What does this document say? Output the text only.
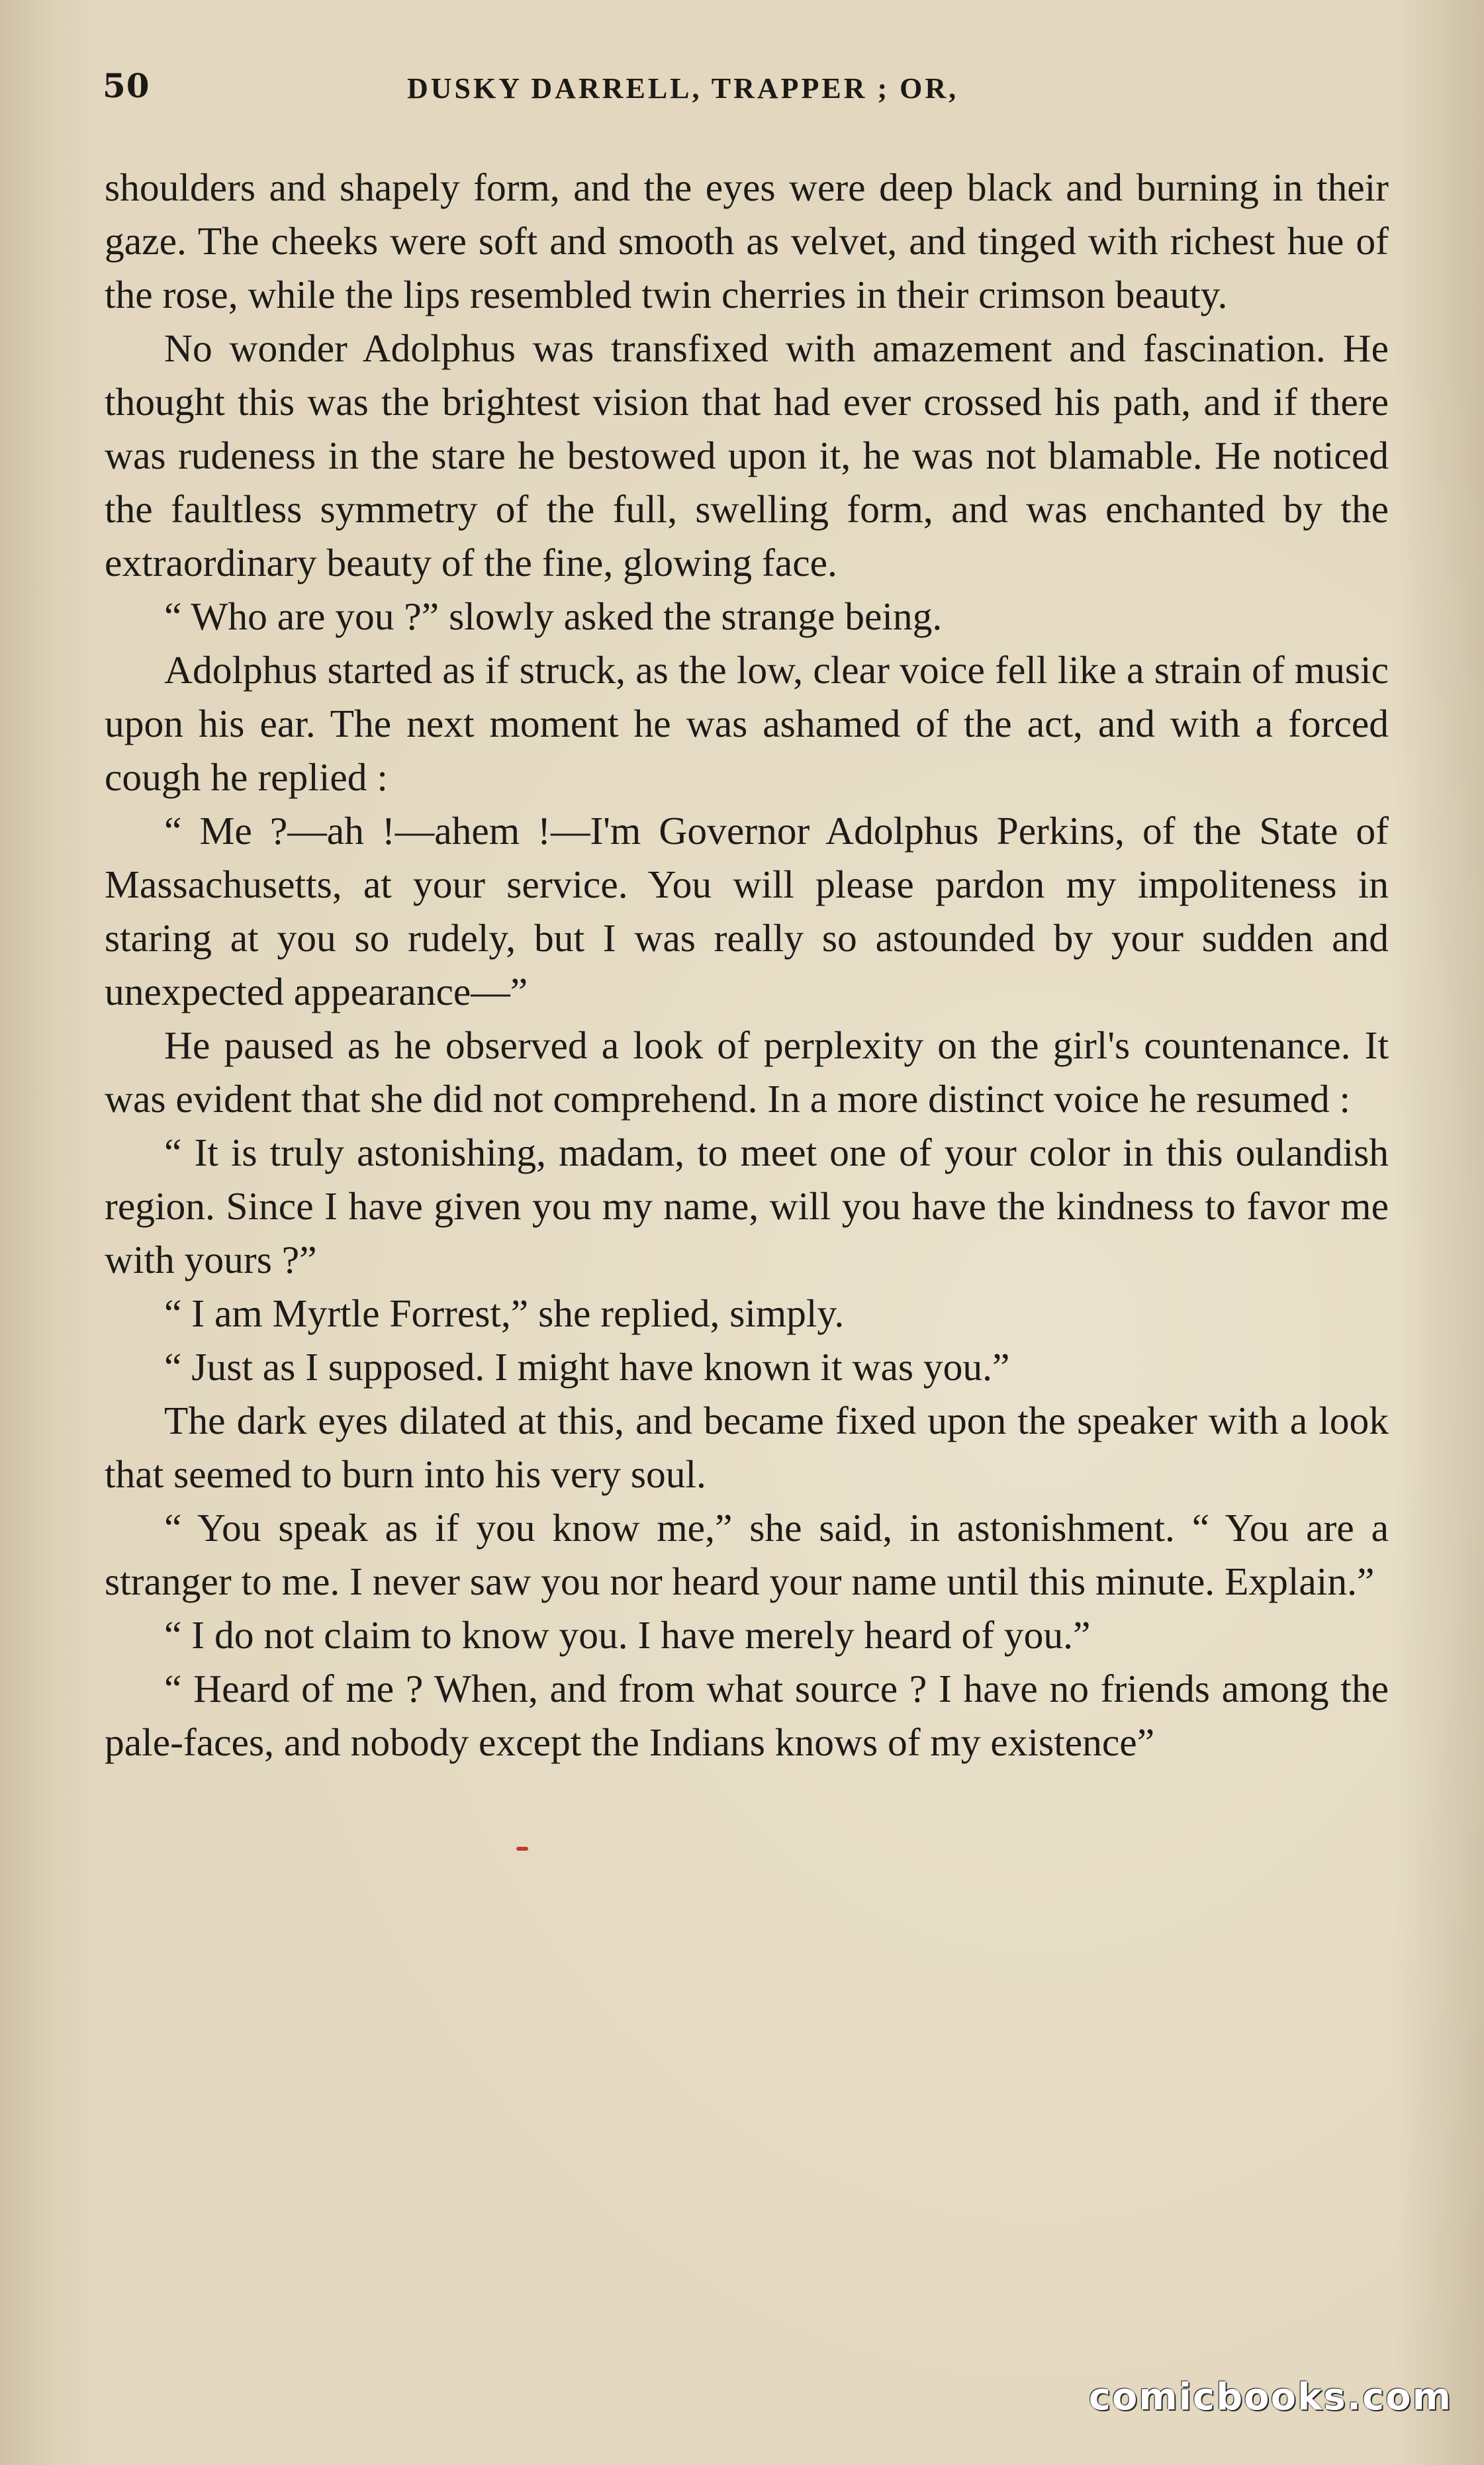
50	DUSKY DARRELL, TRAPPER ; OR,

shoulders and shapely form, and the eyes were deep black and burning in their gaze. The cheeks were soft and smooth as velvet, and tinged with richest hue of the rose, while the lips resembled twin cherries in their crimson beauty.

No wonder Adolphus was transfixed with amazement and fascination. He thought this was the brightest vision that had ever crossed his path, and if there was rudeness in the stare he bestowed upon it, he was not blamable. He noticed the faultless symmetry of the full, swelling form, and was enchanted by the extraordinary beauty of the fine, glowing face.

“ Who are you ?” slowly asked the strange being.

Adolphus started as if struck, as the low, clear voice fell like a strain of music upon his ear. The next moment he was ashamed of the act, and with a forced cough he replied :

“ Me ?—ah !—ahem !—I'm Governor Adolphus Perkins, of the State of Massachusetts, at your service. You will please pardon my impoliteness in staring at you so rudely, but I was really so astounded by your sudden and unexpected appearance—”

He paused as he observed a look of perplexity on the girl's countenance. It was evident that she did not comprehend. In a more distinct voice he resumed :

“ It is truly astonishing, madam, to meet one of your color in this oulandish region. Since I have given you my name, will you have the kindness to favor me with yours ?”

“ I am Myrtle Forrest,” she replied, simply.

“ Just as I supposed. I might have known it was you.”

The dark eyes dilated at this, and became fixed upon the speaker with a look that seemed to burn into his very soul.

“ You speak as if you know me,” she said, in astonishment. “ You are a stranger to me. I never saw you nor heard your name until this minute. Explain.”

“ I do not claim to know you. I have merely heard of you.”

“ Heard of me ? When, and from what source ? I have no friends among the pale-faces, and nobody except the Indians knows of my existence”

comicbooks.com
